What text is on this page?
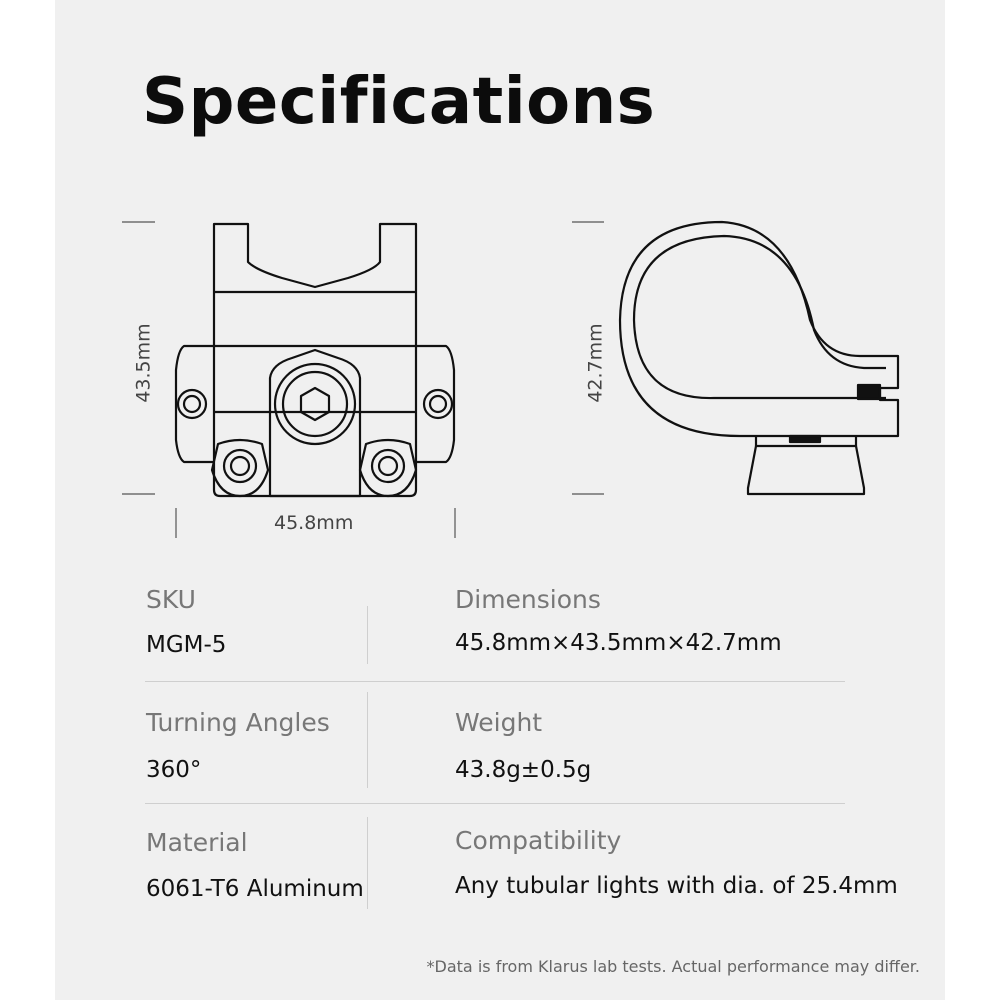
Specifications
43.5mm
45.8mm
42.7mm
SKU
MGM-5
Dimensions
45.8mm×43.5mm×42.7mm
Turning Angles
360°
Weight
43.8g±0.5g
Material
6061-T6 Aluminum
Compatibility
Any tubular lights with dia. of 25.4mm
*Data is from Klarus lab tests. Actual performance may differ.
